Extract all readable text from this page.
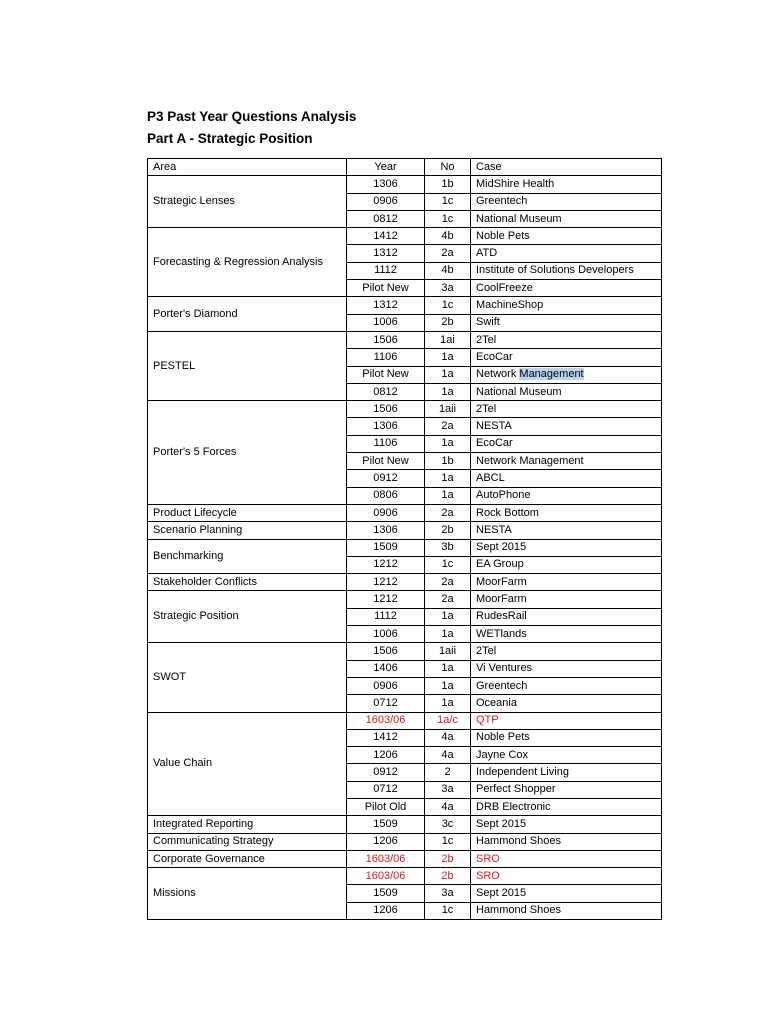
P3 Past Year Questions Analysis
Part A - Strategic Position
Area	Year	No	Case
Strategic Lenses	1306	1b	MidShire Health
	0906	1c	Greentech
	0812	1c	National Museum
Forecasting & Regression Analysis	1412	4b	Noble Pets
	1312	2a	ATD
	1112	4b	Institute of Solutions Developers
	Pilot New	3a	CoolFreeze
Porter's Diamond	1312	1c	MachineShop
	1006	2b	Swift
PESTEL	1506	1ai	2Tel
	1106	1a	EcoCar
	Pilot New	1a	Network Management
	0812	1a	National Museum
Porter's 5 Forces	1506	1aii	2Tel
	1306	2a	NESTA
	1106	1a	EcoCar
	Pilot New	1b	Network Management
	0912	1a	ABCL
	0806	1a	AutoPhone
Product Lifecycle	0906	2a	Rock Bottom
Scenario Planning	1306	2b	NESTA
Benchmarking	1509	3b	Sept 2015
	1212	1c	EA Group
Stakeholder Conflicts	1212	2a	MoorFarm
Strategic Position	1212	2a	MoorFarm
	1112	1a	RudesRail
	1006	1a	WETlands
SWOT	1506	1aii	2Tel
	1406	1a	Vi Ventures
	0906	1a	Greentech
	0712	1a	Oceania
Value Chain	1603/06	1a/c	QTP
	1412	4a	Noble Pets
	1206	4a	Jayne Cox
	0912	2	Independent Living
	0712	3a	Perfect Shopper
	Pilot Old	4a	DRB Electronic
Integrated Reporting	1509	3c	Sept 2015
Communicating Strategy	1206	1c	Hammond Shoes
Corporate Governance	1603/06	2b	SRO
Missions	1603/06	2b	SRO
	1509	3a	Sept 2015
	1206	1c	Hammond Shoes
